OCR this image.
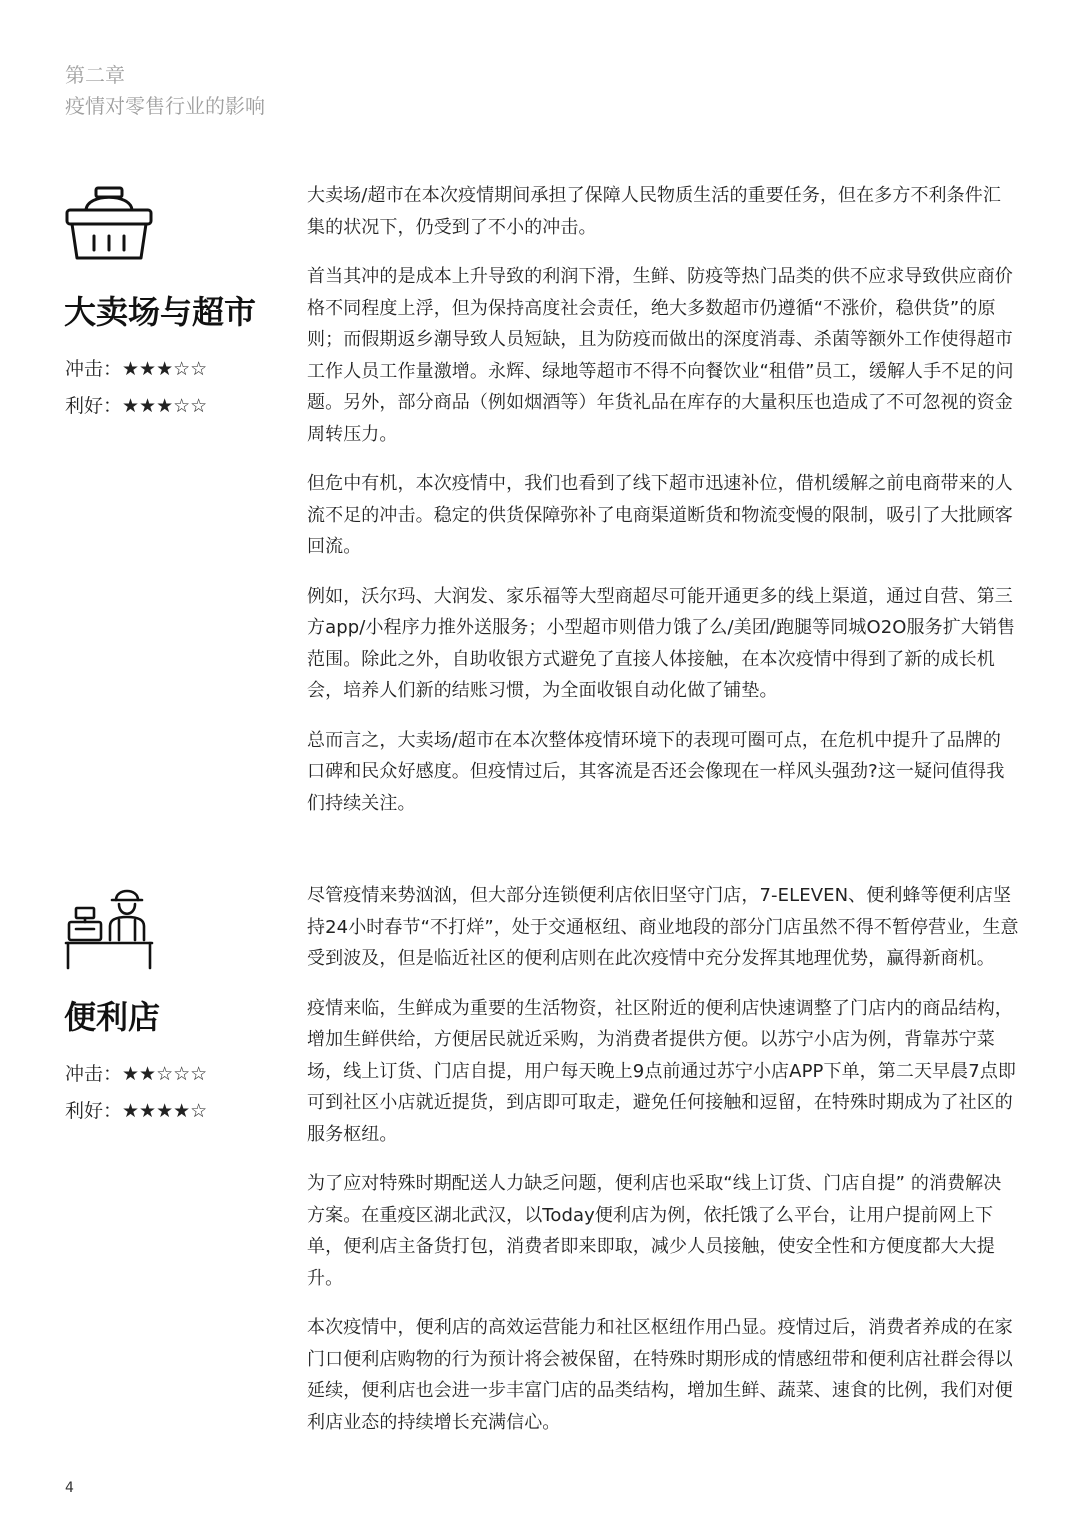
第二章
疫情对零售行业的影响
大卖场与超市
冲击：★★★☆☆
利好：★★★☆☆

大卖场/超市在本次疫情期间承担了保障人民物质生活的重要任务，但在多方不利条件汇集的状况下，仍受到了不小的冲击。

首当其冲的是成本上升导致的利润下滑，生鲜、防疫等热门品类的供不应求导致供应商价格不同程度上浮，但为保持高度社会责任，绝大多数超市仍遵循“不涨价，稳供货”的原则；而假期返乡潮导致人员短缺，且为防疫而做出的深度消毒、杀菌等额外工作使得超市工作人员工作量激增。永辉、绿地等超市不得不向餐饮业“租借”员工，缓解人手不足的问题。另外，部分商品（例如烟酒等）年货礼品在库存的大量积压也造成了不可忽视的资金周转压力。

但危中有机，本次疫情中，我们也看到了线下超市迅速补位，借机缓解之前电商带来的人流不足的冲击。稳定的供货保障弥补了电商渠道断货和物流变慢的限制，吸引了大批顾客回流。

例如，沃尔玛、大润发、家乐福等大型商超尽可能开通更多的线上渠道，通过自营、第三方app/小程序力推外送服务；小型超市则借力饿了么/美团/跑腿等同城O2O服务扩大销售范围。除此之外，自助收银方式避免了直接人体接触，在本次疫情中得到了新的成长机会，培养人们新的结账习惯，为全面收银自动化做了铺垫。

总而言之，大卖场/超市在本次整体疫情环境下的表现可圈可点，在危机中提升了品牌的口碑和民众好感度。但疫情过后，其客流是否还会像现在一样风头强劲?这一疑问值得我们持续关注。

便利店
冲击：★★☆☆☆
利好：★★★★☆

尽管疫情来势汹汹，但大部分连锁便利店依旧坚守门店，7-ELEVEN、便利蜂等便利店坚持24小时春节“不打烊”，处于交通枢纽、商业地段的部分门店虽然不得不暂停营业，生意受到波及，但是临近社区的便利店则在此次疫情中充分发挥其地理优势，赢得新商机。

疫情来临，生鲜成为重要的生活物资，社区附近的便利店快速调整了门店内的商品结构，增加生鲜供给，方便居民就近采购，为消费者提供方便。以苏宁小店为例，背靠苏宁菜场，线上订货、门店自提，用户每天晚上9点前通过苏宁小店APP下单，第二天早晨7点即可到社区小店就近提货，到店即可取走，避免任何接触和逗留，在特殊时期成为了社区的服务枢纽。

为了应对特殊时期配送人力缺乏问题，便利店也采取“线上订货、门店自提” 的消费解决方案。在重疫区湖北武汉，以Today便利店为例，依托饿了么平台，让用户提前网上下单，便利店主备货打包，消费者即来即取，减少人员接触，使安全性和方便度都大大提升。

本次疫情中，便利店的高效运营能力和社区枢纽作用凸显。疫情过后，消费者养成的在家门口便利店购物的行为预计将会被保留，在特殊时期形成的情感纽带和便利店社群会得以延续，便利店也会进一步丰富门店的品类结构，增加生鲜、蔬菜、速食的比例，我们对便利店业态的持续增长充满信心。

4
